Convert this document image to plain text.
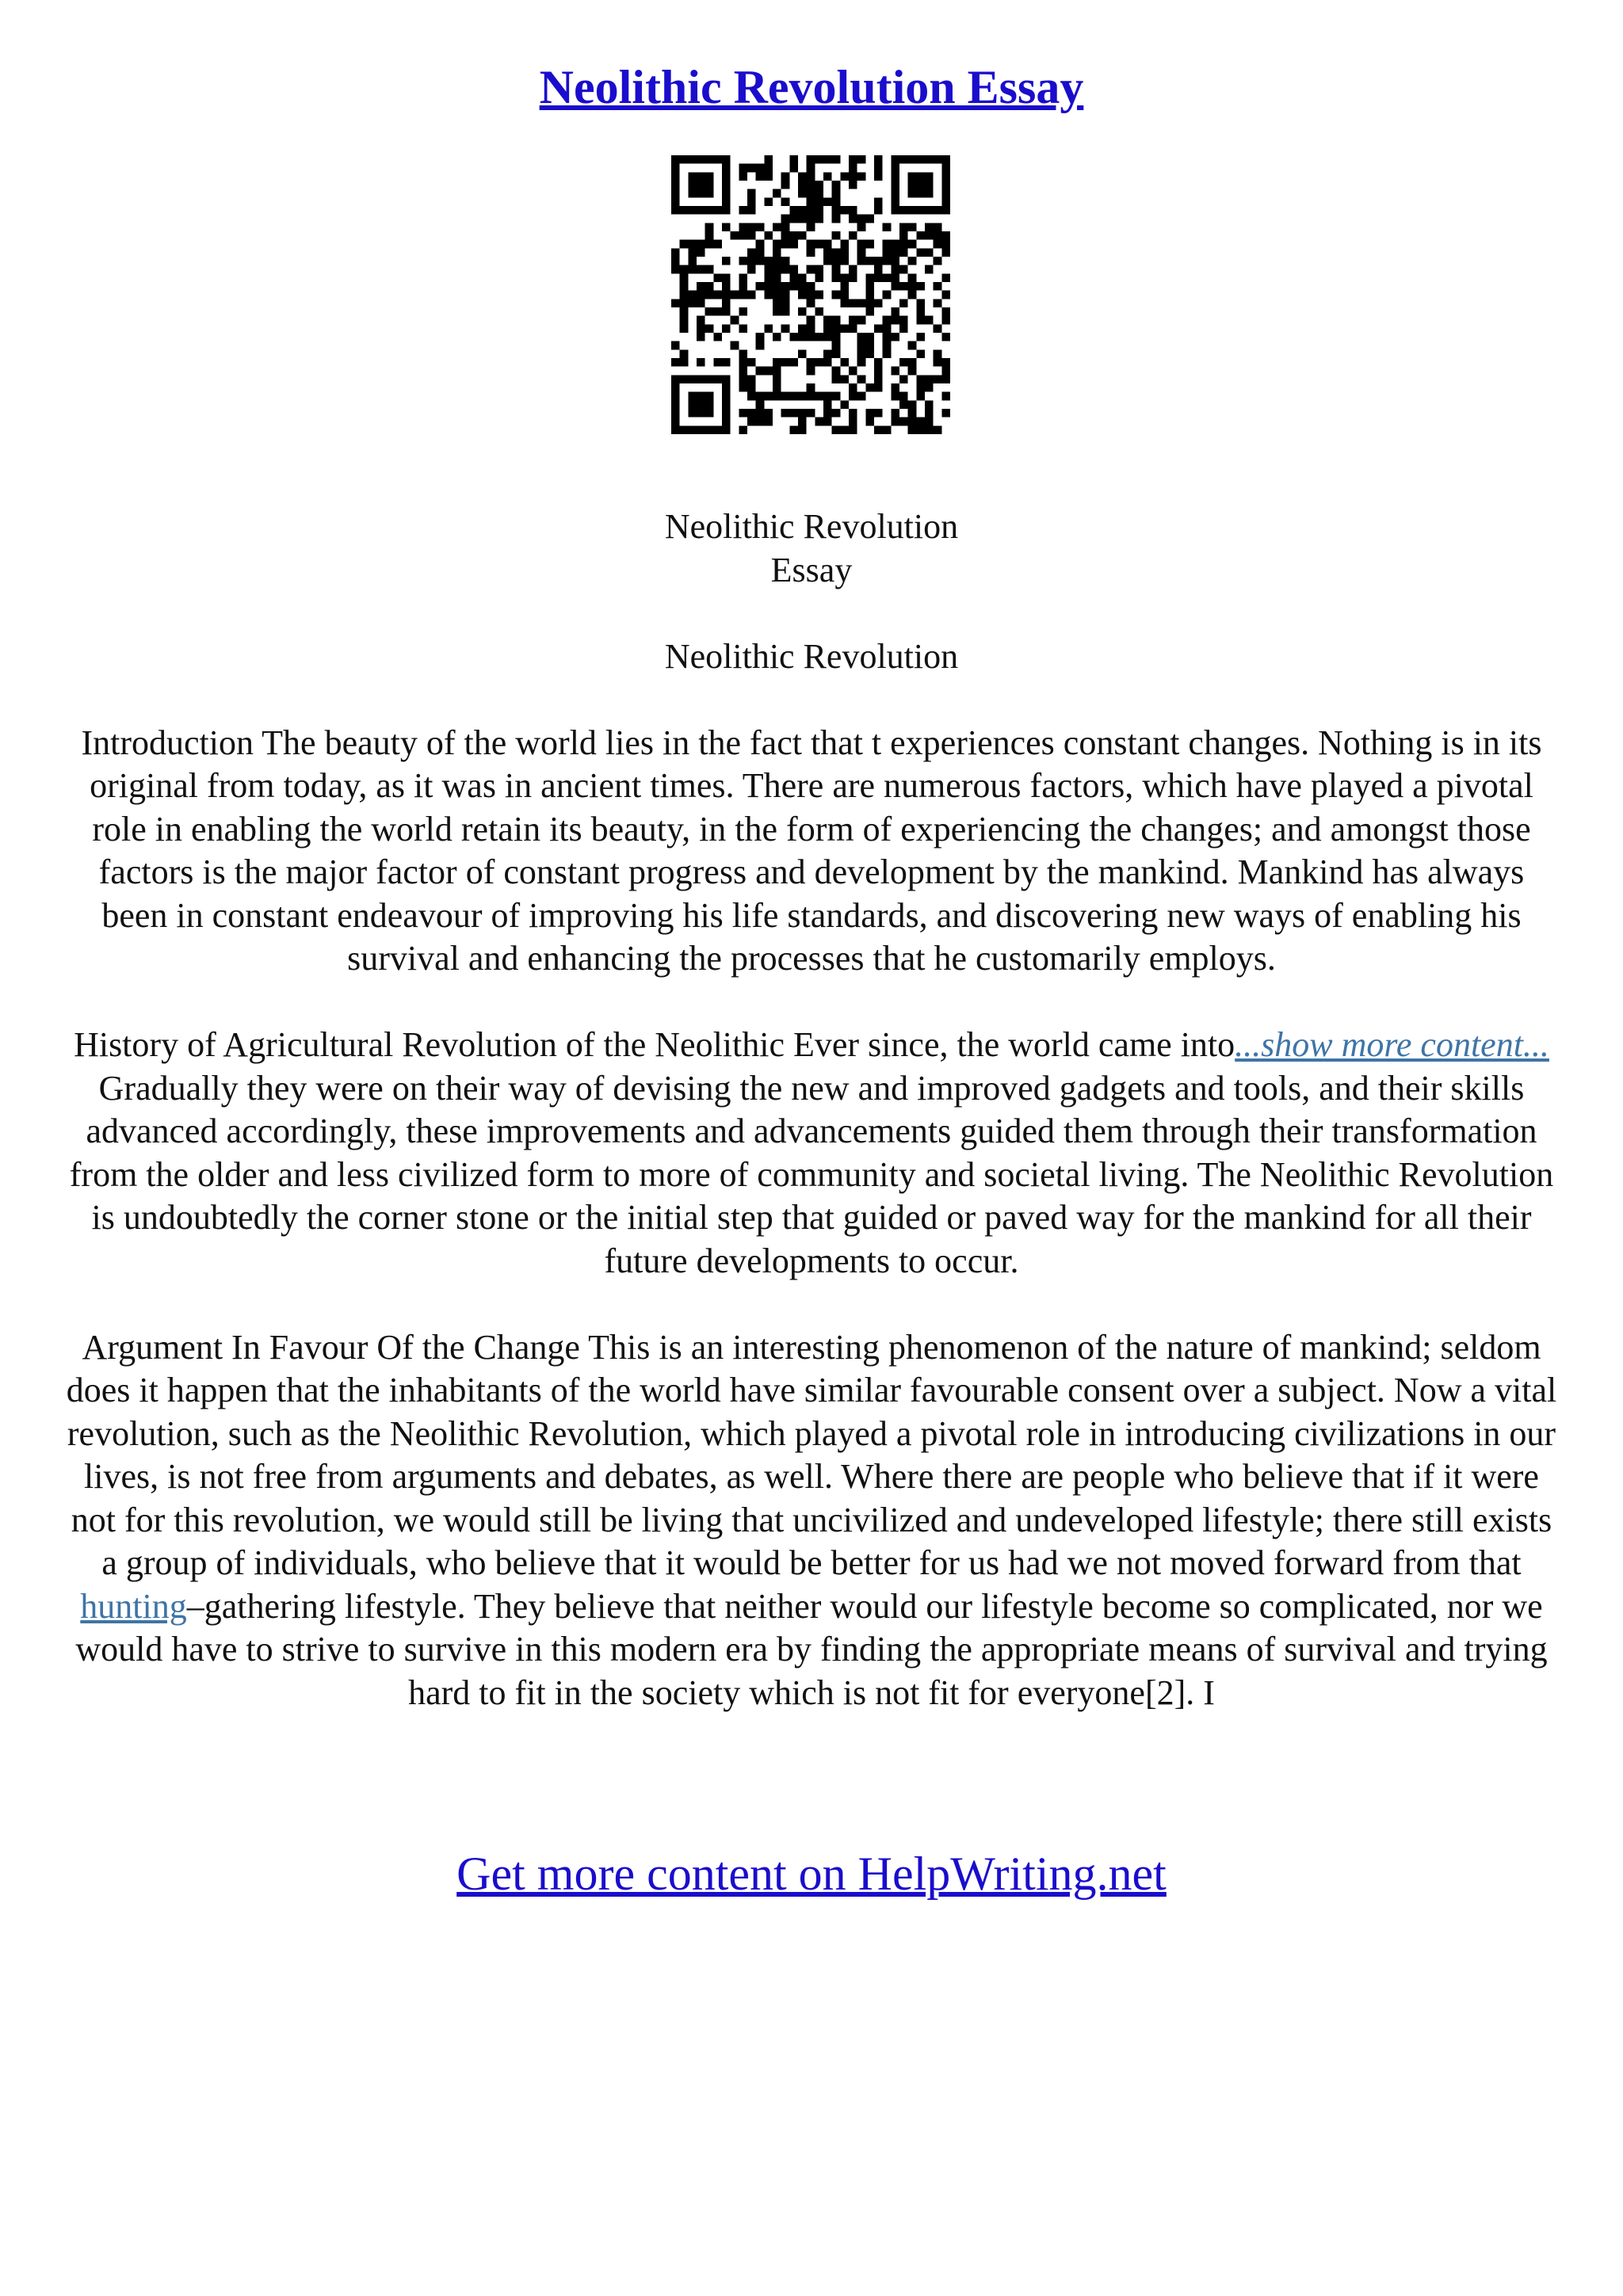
Neolithic Revolution Essay

Neolithic Revolution

Essay

Neolithic Revolution

Introduction The beauty of the world lies in the fact that t experiences constant changes. Nothing is in its original from today, as it was in ancient times. There are numerous factors, which have played a pivotal role in enabling the world retain its beauty, in the form of experiencing the changes; and amongst those factors is the major factor of constant progress and development by the mankind. Mankind has always been in constant endeavour of improving his life standards, and discovering new ways of enabling his survival and enhancing the processes that he customarily employs.

History of Agricultural Revolution of the Neolithic Ever since, the world came into...show more content...

Gradually they were on their way of devising the new and improved gadgets and tools, and their skills advanced accordingly, these improvements and advancements guided them through their transformation from the older and less civilized form to more of community and societal living. The Neolithic Revolution is undoubtedly the corner stone or the initial step that guided or paved way for the mankind for all their future developments to occur.

Argument In Favour Of the Change This is an interesting phenomenon of the nature of mankind; seldom does it happen that the inhabitants of the world have similar favourable consent over a subject. Now a vital revolution, such as the Neolithic Revolution, which played a pivotal role in introducing civilizations in our lives, is not free from arguments and debates, as well. Where there are people who believe that if it were not for this revolution, we would still be living that uncivilized and undeveloped lifestyle; there still exists a group of individuals, who believe that it would be better for us had we not moved forward from that hunting–gathering lifestyle. They believe that neither would our lifestyle become so complicated, nor we would have to strive to survive in this modern era by finding the appropriate means of survival and trying hard to fit in the society which is not fit for everyone[2]. I

Get more content on HelpWriting.net
